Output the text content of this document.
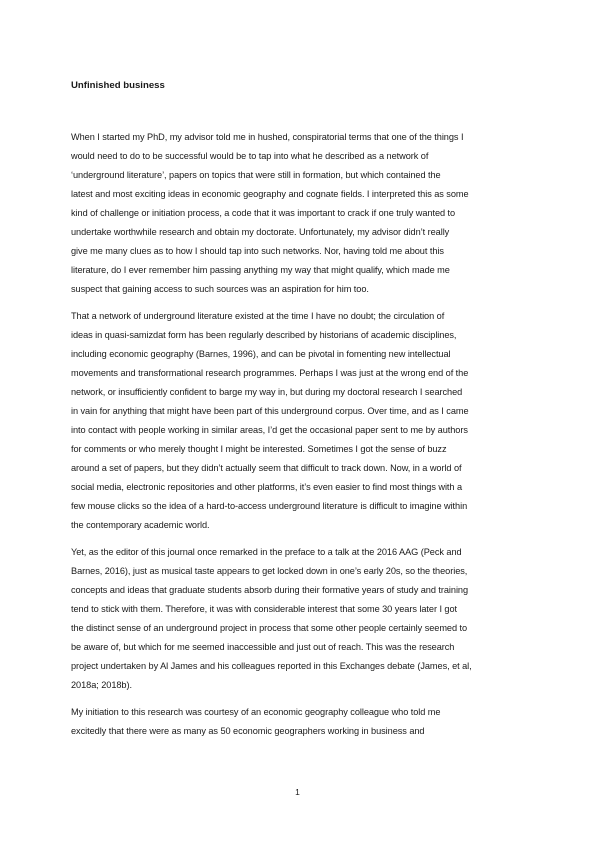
Unfinished business

When I started my PhD, my advisor told me in hushed, conspiratorial terms that one of the things I
would need to do to be successful would be to tap into what he described as a network of
‘underground literature’, papers on topics that were still in formation, but which contained the
latest and most exciting ideas in economic geography and cognate fields. I interpreted this as some
kind of challenge or initiation process, a code that it was important to crack if one truly wanted to
undertake worthwhile research and obtain my doctorate. Unfortunately, my advisor didn’t really
give me many clues as to how I should tap into such networks. Nor, having told me about this
literature, do I ever remember him passing anything my way that might qualify, which made me
suspect that gaining access to such sources was an aspiration for him too.

That a network of underground literature existed at the time I have no doubt; the circulation of
ideas in quasi-samizdat form has been regularly described by historians of academic disciplines,
including economic geography (Barnes, 1996), and can be pivotal in fomenting new intellectual
movements and transformational research programmes. Perhaps I was just at the wrong end of the
network, or insufficiently confident to barge my way in, but during my doctoral research I searched
in vain for anything that might have been part of this underground corpus. Over time, and as I came
into contact with people working in similar areas, I’d get the occasional paper sent to me by authors
for comments or who merely thought I might be interested. Sometimes I got the sense of buzz
around a set of papers, but they didn’t actually seem that difficult to track down. Now, in a world of
social media, electronic repositories and other platforms, it’s even easier to find most things with a
few mouse clicks so the idea of a hard-to-access underground literature is difficult to imagine within
the contemporary academic world.

Yet, as the editor of this journal once remarked in the preface to a talk at the 2016 AAG (Peck and
Barnes, 2016), just as musical taste appears to get locked down in one’s early 20s, so the theories,
concepts and ideas that graduate students absorb during their formative years of study and training
tend to stick with them. Therefore, it was with considerable interest that some 30 years later I got
the distinct sense of an underground project in process that some other people certainly seemed to
be aware of, but which for me seemed inaccessible and just out of reach. This was the research
project undertaken by Al James and his colleagues reported in this Exchanges debate (James, et al,
2018a; 2018b).

My initiation to this research was courtesy of an economic geography colleague who told me
excitedly that there were as many as 50 economic geographers working in business and

1
